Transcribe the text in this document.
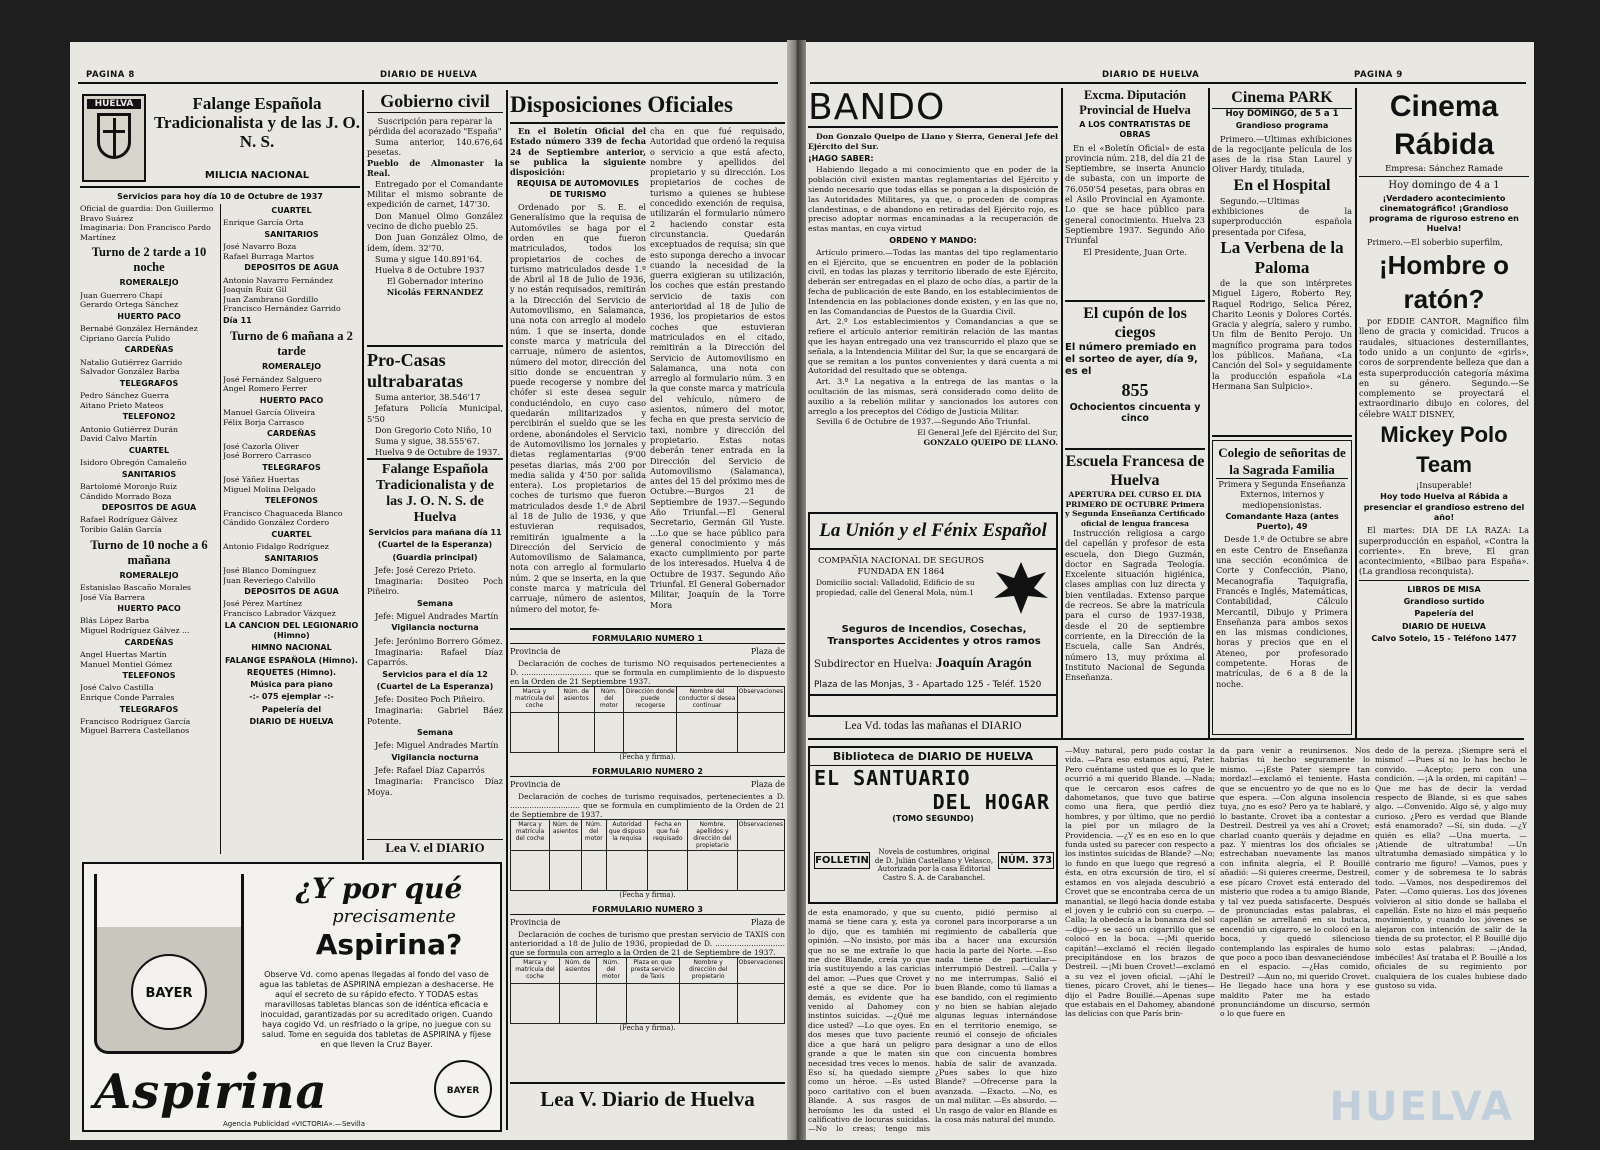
PAGINA 8	DIARIO DE HUELVA
HUELVA	Falange Española Tradicionalista y de las J. O. N. S.
MILICIA NACIONAL
Servicios para hoy día 10 de Octubre de 1937
Oficial de guardia: Don Guillermo Bravo Suárez
Imaginaria: Don Francisco Pardo Martínez
Turno de 2 tarde a 10 noche
ROMERALEJO
Juan Guerrero Chapí
Gerardo Ortega Sánchez
HUERTO PACO
Bernabé González Hernández
Cipriano García Pulido
CARDEÑAS
Natalio Gutiérrez Garrido
Salvador González Barba
TELEGRAFOS
Pedro Sánchez Guerra
Aitano Prieto Mateos
TELEFONO2
Antonio Gutiérrez Durán
David Calvo Martín
CUARTEL
Isidoro Obregón Camaleño
SANITARIOS
Bartolomé Moronjo Ruiz
Cándido Morrado Boza
DEPOSITOS DE AGUA
Rafael Rodríguez Gálvez
Toribio Galán García
Turno de 10 noche a 6 mañana
ROMERALEJO
Estanislao Bascaño Morales
José Vía Barrera
HUERTO PACO
Blás López Barba
Miguel Rodríguez Gálvez ...
CARDEÑAS
Angel Huertas Martín
Manuel Montiel Gómez
TELEFONOS
José Calvo Castilla
Enrique Conde Parrales
TELEGRAFOS
Francisco Rodríguez García
Miguel Barrera Castellanos
CUARTEL
Enrique García Orta
SANITARIOS
José Navarro Boza
Rafael Burraga Martos
DEPOSITOS DE AGUA
Antonio Navarro Fernández
Joaquín Ruiz Gil
Juan Zambrano Gordillo
Francisco Hernández Garrido
Día 11
Turno de 6 mañana a 2 tarde
ROMERALEJO
José Fernández Salguero
Angel Romero Ferrer
HUERTO PACO
Manuel García Oliveira
Félix Borja Carrasco
CARDEÑAS
José Cazorla Oliver
José Borrero Carrasco
TELEGRAFOS
José Yáñez Huertas
Miguel Molina Delgado
TELEFONOS
Francisco Chaguaceda Blanco
Cándido González Cordero
CUARTEL
Antonio Fidalgo Rodríguez
SANITARIOS
José Blanco Domínguez
Juan Reveriego Calvillo
DEPOSITOS DE AGUA
José Pérez Martínez
Francisco Labrador Vázquez
LA CANCION DEL LEGIONARIO (Himno)
HIMNO NACIONAL
FALANGE ESPAÑOLA (Himno).
REQUETES (Himno).
Música para piano
-:- 075 ejemplar -:-
Papelería del
DIARIO DE HUELVA
Gobierno civil
Suscripción para reparar la pérdida del acorazado "España"

Suma anterior, 140.676,64 pesetas.

Pueblo de Almonaster la Real.

Entregado por el Comandante Militar el mismo sobrante de expedición de carnet, 147'30.

Don Manuel Olmo González vecino de dicho pueblo 25.

Don Juan González Olmo, de ídem, ídem. 32'70.

Suma y sigue 140.891'64.

Huelva 8 de Octubre 1937

El Gobernador interino
Nicolás FERNANDEZ
Pro-Casas ultrabaratas

Suma anterior, 38.546'17

Jefatura Policía Municipal, 5'50

Don Gregorio Coto Niño, 10

Suma y sigue, 38.555'67.

Huelva 9 de Octubre de 1937.

Falange Española Tradicionalista y de las J. O. N. S. de Huelva
Servicios para mañana día 11
(Cuartel de la Esperanza)
(Guardia principal)

Jefe: José Cerezo Prieto.

Imaginaria: Dositeo Poch Piñeiro.

Semana

Jefe: Miguel Andrades Martín

Vigilancia nocturna

Jefe: Jerónimo Borrero Gómez.

Imaginaria: Rafael Díaz Caparrós.

Servicios para el día 12
(Cuartel de La Esperanza)

Jefe: Dositeo Poch Piñeiro.

Imaginaria: Gabriel Báez Potente.

Semana

Jefe: Miguel Andrades Martín

Vigilancia nocturna

Jefe: Rafael Díaz Caparrós

Imaginaria: Francisco Díaz Moya.

Lea V. el DIARIO
Disposiciones Oficiales

En el Boletín Oficial del Estado número 339 de fecha 24 de Septiembre anterior, se publica la siguiente disposición:

REQUISA DE AUTOMOVILES DE TURISMO

Ordenado por S. E. el Generalísimo que la requisa de Automóviles se haga por el orden en que fueron matriculados, todos los propietarios de coches de turismo matriculados desde 1.º de Abril al 18 de Julio de 1936, y no están requisados, remitirán a la Dirección del Servicio de Automovilismo, en Salamanca, una nota con arreglo al modelo núm. 1 que se inserta, donde conste marca y matrícula del carruaje, número de asientos, número del motor, dirección del sitio donde se encuentran y puede recogerse y nombre del chófer si este desea seguir conduciéndolo, en cuyo caso quedarán militarizados y percibirán el sueldo que se les ordene, abonándoles el Servicio de Automovilismo los jornales y dietas reglamentarias (9'00 pesetas diarias, más 2'00 por media salida y 4'50 por salida entera). Los propietarios de coches de turismo que fueron matriculados desde 1.º de Abril al 18 de Julio de 1936, y que estuvieran requisados, remitirán igualmente a la Dirección del Servicio de Automovilismo de Salamanca, nota con arreglo al formulario núm. 2 que se inserta, en la que conste marca y matrícula del carruaje, número de asientos, número del motor, fe-

cha en que fué requisado, Autoridad que ordenó la requisa o servicio a que está afecto, nombre y apellidos del propietario y su dirección. Los propietarios de coches de turismo a quienes se hubiese concedido exención de requisa, utilizarán el formulario número 2 haciendo constar esta circunstancia. Quedarán exceptuados de requisa; sin que esto suponga derecho a invocar cuando la necesidad de la guerra exigieran su utilización, los coches que están prestando servicio de taxis con anterioridad al 18 de Julio de 1936, los propietarios de estos coches que estuvieran matriculados en el citado, remitirán a la Dirección del Servicio de Automovilismo en Salamanca, una nota con arreglo al formulario núm. 3 en la que conste marca y matrícula del vehículo, número de asientos, número del motor, fecha en que presta servicio de taxi, nombre y dirección del propietario. Estas notas deberán tener entrada en la Dirección del Servicio de Automovilismo (Salamanca), antes del 15 del próximo mes de Octubre.—Burgos 21 de Septiembre de 1937.—Segundo Año Triunfal.—El General Secretario, Germán Gil Yuste. ...Lo que se hace público para general conocimiento y más exacto cumplimiento por parte de los interesados. Huelva 4 de Octubre de 1937. Segundo Año Triunfal. El General Gobernador Militar, Joaquín de la Torre Mora

FORMULARIO NUMERO 1
Provincia de	Plaza de
Declaración de coches de turismo NO requisados pertenecientes a D. ............................. que se formula en cumplimiento de lo dispuesto en la Orden de 21 Septiembre 1937.
Marca y matrícula del coche	Núm. de asientos	Núm. del motor	Dirección donde puede recogerse	Nombre del conductor si desea continuar	Observaciones

(Fecha y firma).
FORMULARIO NUMERO 2
Provincia de	Plaza de
Declaración de coches de turismo requisados, pertenecientes a D. ............................. que se formula en cumplimiento de la Orden de 21 de Septiembre de 1937.
Marca y matrícula del coche	Núm. de asientos	Núm. del motor	Autoridad que dispuso la requisa	Fecha en que fué requisado	Nombre, apellidos y dirección del propietario	Observaciones

(Fecha y firma).
FORMULARIO NUMERO 3
Provincia de	Plaza de
Declaración de coches de turismo que prestan servicio de TAXIS con anterioridad a 18 de Julio de 1936, propiedad de D. ............................. que se formula con arreglo a la Orden de 21 de Septiembre de 1937.
Marca y matrícula del coche	Núm. de asientos	Núm. del motor	Plaza en que presta servicio de Taxis	Nombre y dirección del propietario	Observaciones

(Fecha y firma).
Lea V. Diario de Huelva
BAYER
¿Y por qué
precisamente
Aspirina?
Observe Vd. como apenas llegadas al fondo del vaso de agua las tabletas de ASPIRINA empiezan a deshacerse. He aquí el secreto de su rápido efecto. Y TODAS estas maravillosas tabletas blancas son de idéntica eficacia e inocuidad, garantizadas por su acreditado origen. Cuando haya cogido Vd. un resfriado o la gripe, no juegue con su salud. Tome en seguida dos tabletas de ASPIRINA y fíjese en que lleven la Cruz Bayer.
Aspirina	BAYER
Agencia Publicidad «VICTORIA».—Sevilla
DIARIO DE HUELVA	PAGINA 9
BANDO

Don Gonzalo Queipo de Llano y Sierra, General Jefe del Ejército del Sur.

¡HAGO SABER:

Habiendo llegado a mi conocimiento que en poder de la población civil existen mantas reglamentarias del Ejército y siendo necesario que todas ellas se pongan a la disposición de las Autoridades Militares, ya que, o proceden de compras clandestinas, o de abandono en retiradas del Ejército rojo, es preciso adoptar normas encaminadas a la recuperación de estas mantas, en cuya virtud

ORDENO Y MANDO:

Artículo primero.—Todas las mantas del tipo reglamentario en el Ejército, que se encuentren en poder de la población civil, en todas las plazas y territorio liberado de este Ejército, deberán ser entregadas en el plazo de ocho días, a partir de la fecha de publicación de este Bando, en los establecimientos de Intendencia en las poblaciones donde existen, y en las que no, en las Comandancias de Puestos de la Guardia Civil.

Art. 2.º Los establecimientos y Comandancias a que se refiere el artículo anterior remitirán relación de las mantas que les hayan entregado una vez transcurrido el plazo que se señala, a la Intendencia Militar del Sur, la que se encargará de que se remitan a los puntos convenientes y dará cuenta a mi Autoridad del resultado que se obtenga.

Art. 3.º La negativa a la entrega de las mantas o la ocultación de las mismas, será considerado como delito de auxilio a la rebelión militar y sancionados los autores con arreglo a los preceptos del Código de Justicia Militar.

Sevilla 6 de Octubre de 1937.—Segundo Año Triunfal.

El General Jefe del Ejército del Sur,
GONZALO QUEIPO DE LLANO.
La Unión y el Fénix Español
COMPAÑIA NACIONAL DE SEGUROS
FUNDADA EN 1864
Domicilio social: Valladolid, Edificio de su propiedad, calle del General Mola, núm.1
Seguros de Incendios, Cosechas, Transportes Accidentes y otros ramos
Subdirector en Huelva: Joaquín Aragón
Plaza de las Monjas, 3 - Apartado 125 - Teléf. 1520
Lea Vd. todas las mañanas el DIARIO
Excma. Diputación Provincial de Huelva
A LOS CONTRATISTAS DE OBRAS

En el «Boletín Oficial» de esta provincia núm. 218, del día 21 de Septiembre, se inserta Anuncio de subasta, con un importe de 76.050'54 pesetas, para obras en el Asilo Provincial en Ayamonte. Lo que se hace público para general conocimiento. Huelva 23 Septiembre 1937. Segundo Año Triunfal

El Presidente, Juan Orte.
El cupón de los ciegos
El número premiado en el sorteo de ayer, día 9, es el
855
Ochocientos cincuenta y cinco
Escuela Francesa de Huelva
APERTURA DEL CURSO EL DIA PRIMERO DE OCTUBRE Primera y Segunda Enseñanza Certificado oficial de lengua francesa

Instrucción religiosa a cargo del capellán y profesor de esta escuela, don Diego Guzmán, doctor en Sagrada Teología. Excelente situación higiénica, clases amplias con luz directa y bien ventiladas. Extenso parque de recreos. Se abre la matrícula para el curso de 1937-1938, desde el 20 de septiembre corriente, en la Dirección de la Escuela, calle San Andrés, número 13, muy próxima al Instituto Nacional de Segunda Enseñanza.

Cinema PARK
Hoy DOMINGO, de 5 a 1
Grandioso programa

Primero.—Ultimas exhibiciones de la regocijante película de los ases de la risa Stan Laurel y Oliver Hardy, titulada,

En el Hospital

Segundo.—Ultimas exhibiciones de la superproducción española presentada por Cifesa,

La Verbena de la Paloma

de la que son intérpretes Miguel Ligero, Roberto Rey, Raquel Rodrigo, Selica Pérez, Charito Leonis y Dolores Cortés. Gracia y alegría, salero y rumbo. Un film de Benito Perojo. Un magnífico programa para todos los públicos. Mañana, «La Canción del Sol» y seguidamente la producción española «La Hermana San Sulpicio».

Colegio de señoritas de la Sagrada Familia
Primera y Segunda Enseñanza Externos, internos y mediopensionistas.
Comandante Haza (antes Puerto), 49

Desde 1.º de Octubre se abre en este Centro de Enseñanza una sección económica de Corte y Confección, Piano, Mecanografía Taquigrafía, Francés e Inglés, Matemáticas, Contabilidad, Cálculo Mercantil, Dibujo y Primera Enseñanza para ambos sexos en las mismas condiciones, horas y precios que en el Ateneo, por profesorado competente. Horas de matrículas, de 6 a 8 de la noche.

Cinema Rábida
Empresa: Sánchez Ramade
Hoy domingo de 4 a 1
¡Verdadero acontecimiento cinematográfico! ¡Grandioso programa de riguroso estreno en Huelva!

Primero.—El soberbio superfilm,

¡Hombre o ratón?

por EDDIE CANTOR. Magnífico film lleno de gracia y comicidad. Trucos a raudales, situaciones desternillantes, todo unido a un conjunto de «girls», coros de sorprendente belleza que dan a esta superproducción categoría máxima en su género. Segundo.—Se complemento se proyectará el extraordinario dibujo en colores, del célebre WALT DISNEY,

Mickey Polo Team
¡Insuperable!
Hoy todo Huelva al Rábida a presenciar el grandioso estreno del año!

El martes: DIA DE LA RAZA: La superproducción en español, «Contra la corriente». En breve, El gran acontecimiento, «Bilbao para España». (La grandiosa reconquista).

LIBROS DE MISA
Grandioso surtido
Papelería del
DIARIO DE HUELVA
Calvo Sotelo, 15 - Teléfono 1477
Biblioteca de DIARIO DE HUELVA
EL SANTUARIO
DEL HOGAR
(TOMO SEGUNDO)
FOLLETIN
Novela de costumbres, original de D. Julián Castellano y Velasco, Autorizada por la casa Editorial Castro S. A. de Carabanchel.
NÚM. 373

de esta enamorado, y que su mamá se tiene cara y, esta ya lo dijo, que es también mi opinión. —No insisto, por más que no se me extrañe lo que me dice Blande, creía yo que iría sustituyendo a las caricias del amor. —Pues que Crovet y esté a que se dice. Por lo demás, es evidente que ha venido al Dahomey con instintos suicidas. —¿Qué me dice usted? —Lo que oyes. En dos meses que tuvo paciente dice a que hará un peligro grande a que le maten sin necesidad tres veces lo menos. Eso sí, ha quedado siempre como un héroe. —Es usted poco caritativo con el buen Blande. A sus rasgos de heroísmo les da usted el calificativo de locuras suicidas. —No lo creas; tengo mis

cuento, pidió permiso al coronel para incorporarse a un regimiento de caballería que iba a hacer una excursión hacia la parte del Norte. —Eso nada tiene de particular—interrumpió Destreil. —Calla y no me interrumpas. Salió el buen Blande, como tú llamas a ese bandido, con el regimiento y no bien se habían alejado algunas leguas internándose en el territorio enemigo, se reunió el consejo de oficiales para designar a uno de ellos que con cincuenta hombres había de salir de avanzada. ¿Pues sabes lo que hizo Blande? —Ofrecerse para la avanzada. —Exacto. —No, es un mal militar. —Es absurdo. —Un rasgo de valor en Blande es la cosa más natural del mundo.

—Muy natural, pero pudo costar la vida. —Para eso estamos aquí, Pater. Pero cuéntame usted que es lo que le ocurrió a mi querido Blande. —Nada; que le cercaron esos cafres de dahometanos, que tuvo que batirse como una fiera, que perdió diez hombres, y por último, que no perdió la piel por un milagro de la Providencia. —¿Y es en eso en lo que funda usted su parecer con respecto a los instintos suicidas de Blande? —No; lo fundo en que luego que regresó a ésta, en otra excursión de tiro, el sí estamos en vos alejada descubrió a Crovet que se encontraba cerca de un manantial, se llegó hacia donde estaba el joven y le cubrió con su cuerpo. —Calla; la obedecía a la bonanza del sol—dijo—y se sacó un cigarrillo que se colocó en la boca. —¡Mi querido capitán!—exclamó el recién llegado precipitándose en los brazos de Destreil. —¡Mi buen Crovet!—exclamó a su vez el joven oficial. —¡Ahí le tienes, pícaro Crovet, ahí le tienes—dijo el Padre Bouillé.—Apenas supe que estabais en el Dahomey, abandoné las delicias con que París brin-

da para venir a reunirsenos. Nos habrías tú hecho seguramente lo mismo. —¡Este Pater siempre tan mordaz!—exclamó el teniente. Hasta que se encuentro yo de que no es lo que espera. —Con alguna insolencia tuya, ¿no es eso? Pero ya te hablaré, y lo bastante. Crovet iba a contestar a Destreil. Destreil ya ves ahí a Crovet; charlad cuanto queráis y dejadme en paz. Y mientras los dos oficiales se estrechaban nuevamente las manos con infinita alegría, el P. Bouillé añadió: —Si quieres creerme, Destreil, ese pícaro Crovet está enterado del misterio que rodea a tu amigo Blande, y tal vez pueda satisfacerte. Después de pronunciadas estas palabras, el capellán se arrellanó en su butaca, encendió un cigarro, se lo colocó en la boca, y quedó silencioso contemplando las espirales de humo que poco a poco iban desvaneciéndose en el espacio. —¿Has comido, Destreil? —Aun no, mi querido Crovet. He llegado hace una hora y ese maldito Pater me ha estado pronunciándome un discurso, sermón o lo que fuere en

dedo de la pereza. ¡Siempre será el mismo! —Pues sí no lo has hecho le convido. —Acepto; pero con una condición. —¡A la orden, mi capitán! —Que me has de decir la verdad respecto de Blande, si es que sabes algo. —Convenido. Algo sé, y algo muy curioso. ¿Pero es verdad que Blande está enamorado? —Sí, sin duda. —¿Y quién es ella? —Una muerta. —¡Atiende de ultratumba! —Un ultratumba demasiado simpática y lo contrario me figuro! —Vamos, pues y comer y de sobremesa te lo sabrás todo. —Vamos, nos despediremos del Pater. —Como quieras. Los dos jóvenes volvieron al sitio donde se hallaba el capellán. Este no hizo el más pequeño movimiento, y cuando los jóvenes se alejaron con intención de salir de la tienda de su protector, el P. Bouillé dijo solo estas palabras: —¡Andad, imbéciles! Así trataba el P. Bouillé a los oficiales de su regimiento por cualquiera de los cuales hubiese dado gustoso su vida.

HUELVA
